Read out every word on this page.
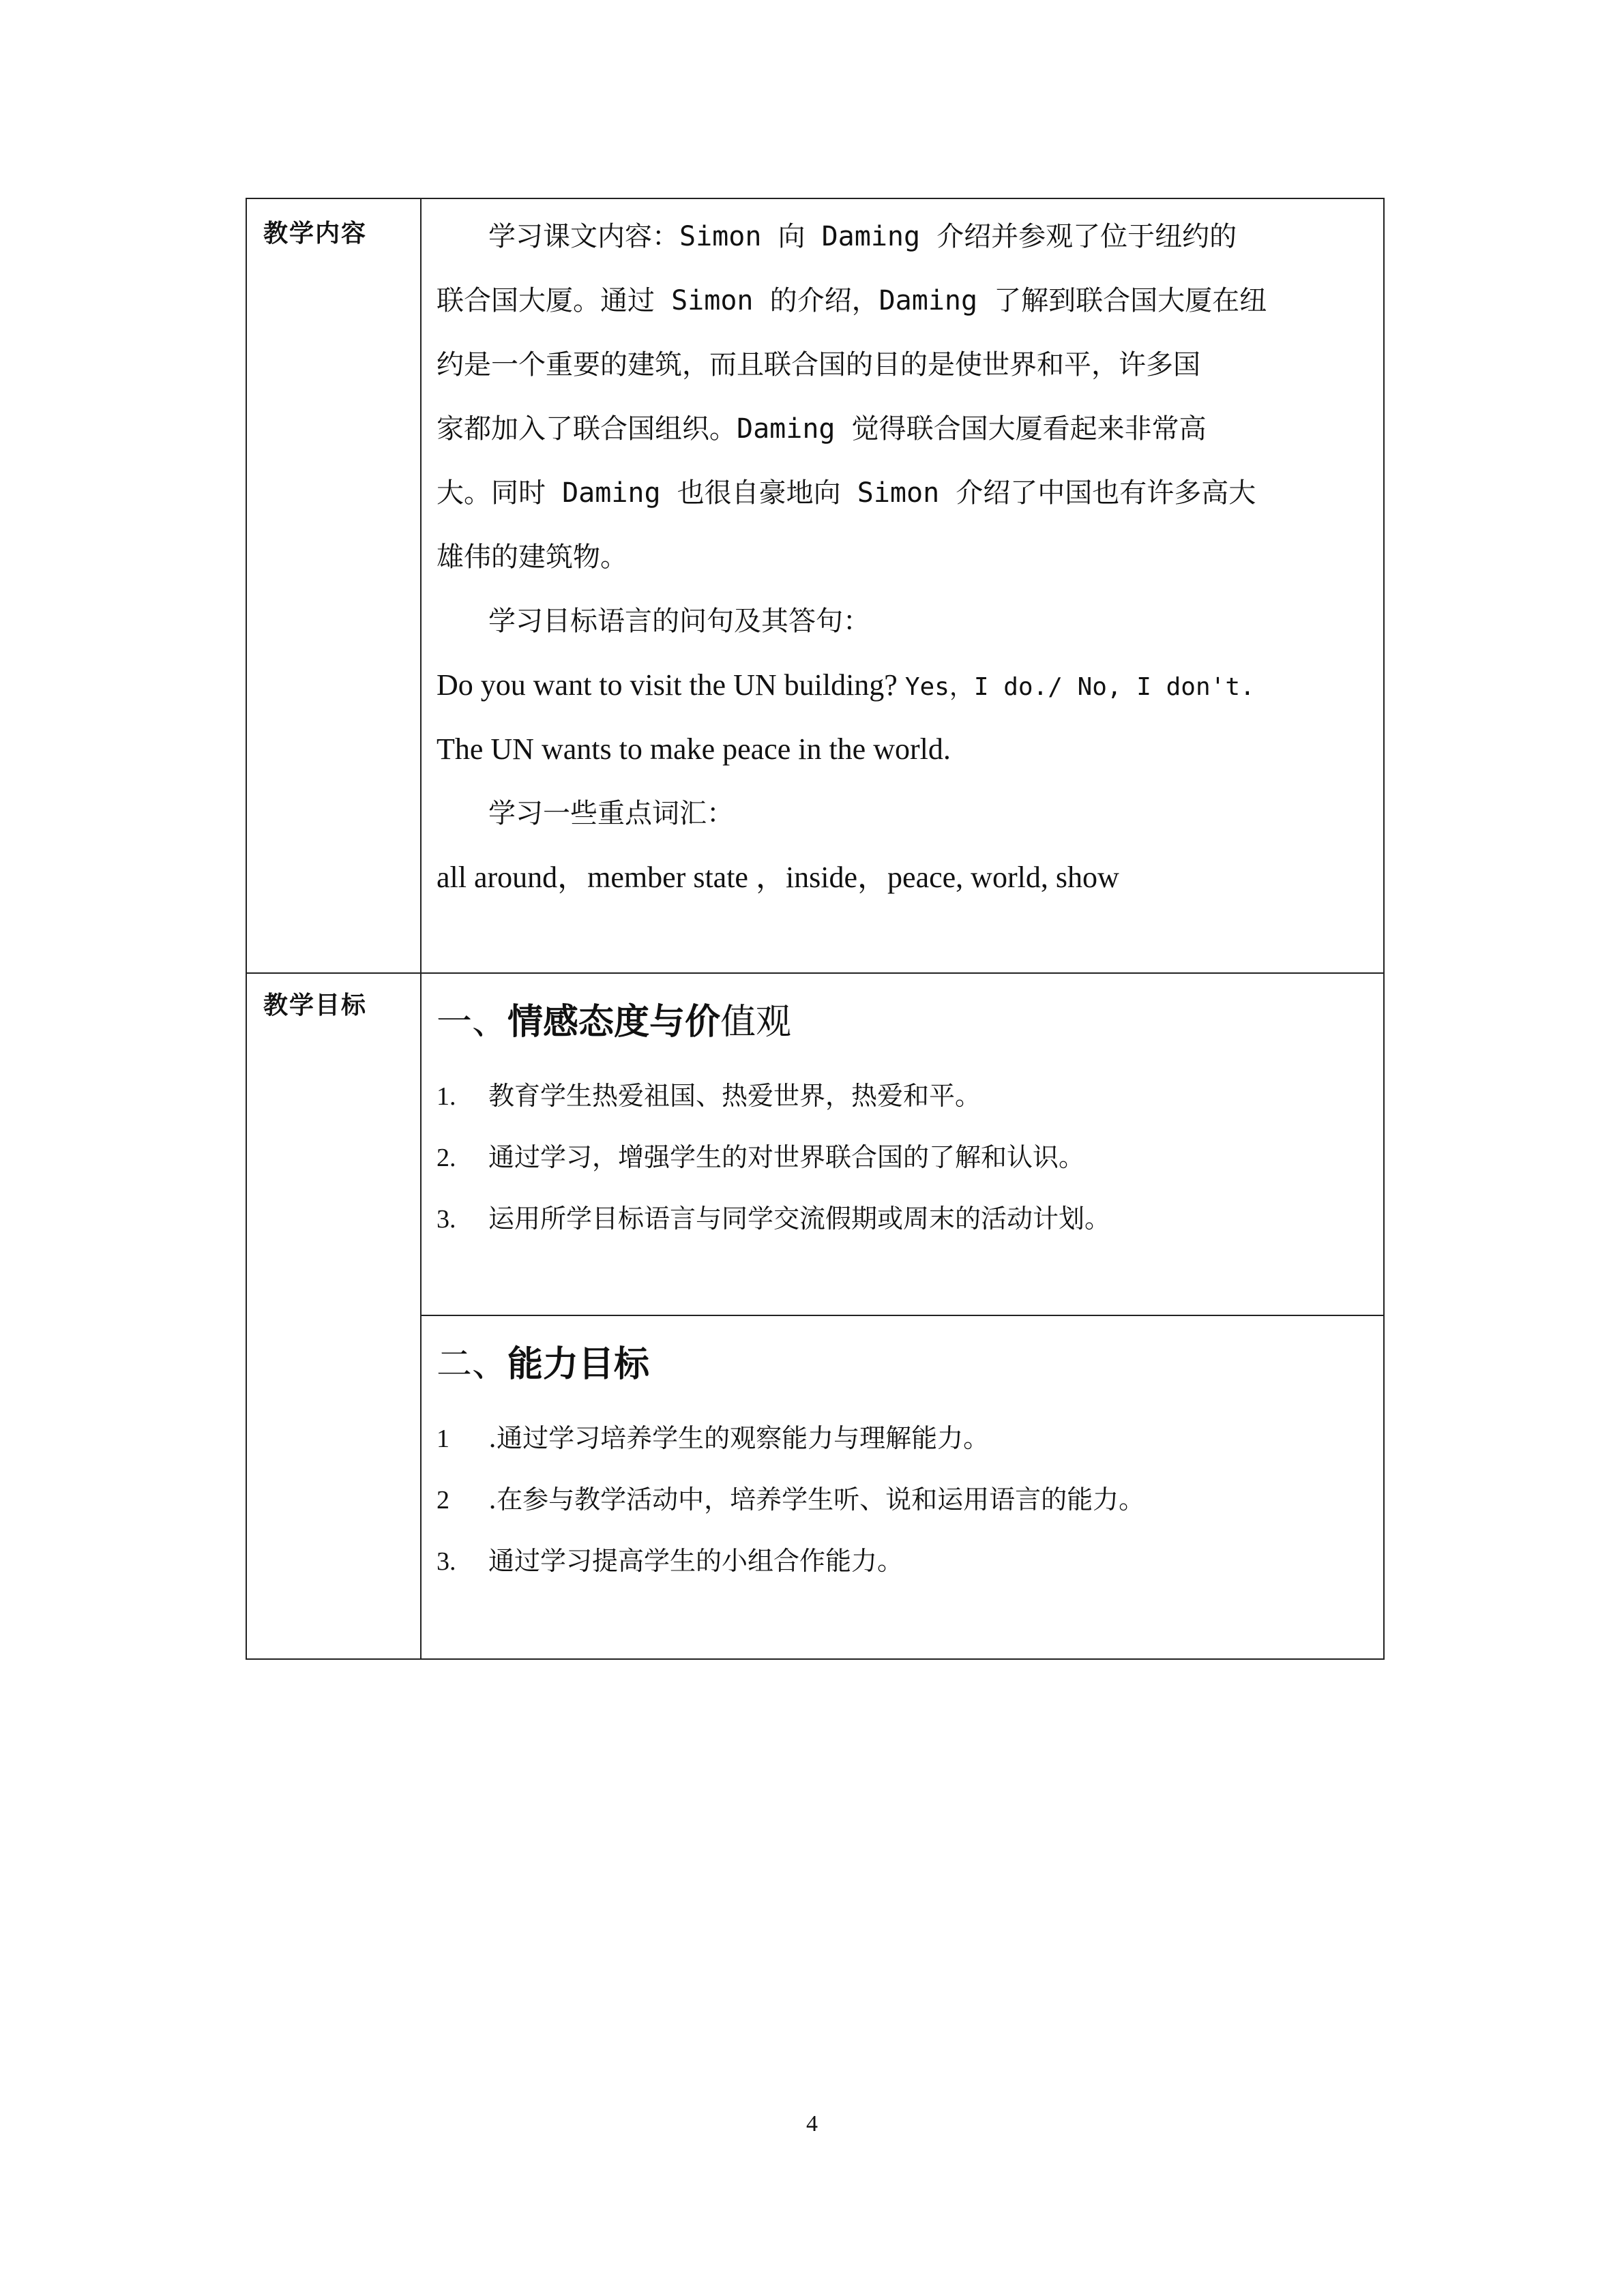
教学内容	学习课文内容：Simon 向 Daming 介绍并参观了位于纽约的
联合国大厦。通过 Simon 的介绍，Daming 了解到联合国大厦在纽
约是一个重要的建筑，而且联合国的目的是使世界和平，许多国
家都加入了联合国组织。Daming 觉得联合国大厦看起来非常高
大。同时 Daming 也很自豪地向 Simon 介绍了中国也有许多高大
雄伟的建筑物。
学习目标语言的问句及其答句：
Do you want to visit the UN building? Yes，I do./ No, I don't.
The UN wants to make peace in the world.
学习一些重点词汇：
all around，member state ，inside，peace, world, show
教学目标 一、情感态度与价值观
1. 教育学生热爱祖国、热爱世界，热爱和平。
2. 通过学习，增强学生的对世界联合国的了解和认识。
3. 运用所学目标语言与同学交流假期或周末的活动计划。
二、能力目标
1 .通过学习培养学生的观察能力与理解能力。
2 .在参与教学活动中，培养学生听、说和运用语言的能力。
3. 通过学习提高学生的小组合作能力。
4
